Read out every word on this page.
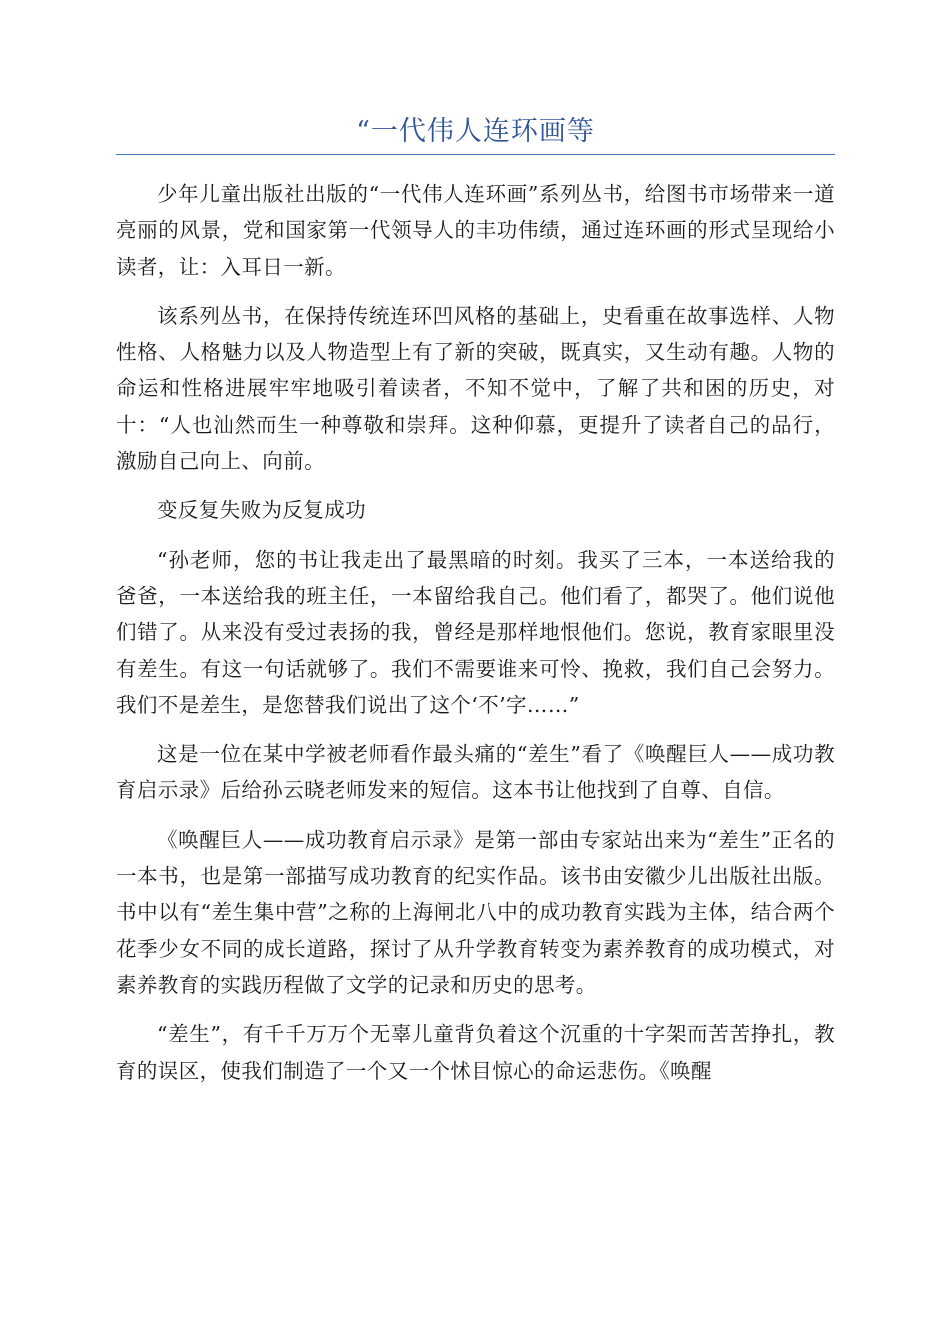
“一代伟人连环画等

少年儿童出版社出版的“一代伟人连环画”系列丛书，给图书市场带来一道亮丽的风景，党和国家第一代领导人的丰功伟绩，通过连环画的形式呈现给小读者，让：入耳日一新。

该系列丛书，在保持传统连环凹风格的基础上，史看重在故事选样、人物性格、人格魅力以及人物造型上有了新的突破，既真实，又生动有趣。人物的命运和性格进展牢牢地吸引着读者，不知不觉中，了解了共和困的历史，对十：“人也汕然而生一种尊敬和崇拜。这种仰慕，更提升了读者自己的品行，激励自己向上、向前。

变反复失败为反复成功

“孙老师，您的书让我走出了最黑暗的时刻。我买了三本，一本送给我的爸爸，一本送给我的班主任，一本留给我自己。他们看了，都哭了。他们说他们错了。从来没有受过表扬的我，曾经是那样地恨他们。您说，教育家眼里没有差生。有这一句话就够了。我们不需要谁来可怜、挽救，我们自己会努力。我们不是差生，是您替我们说出了这个‘不’字……”

这是一位在某中学被老师看作最头痛的“差生”看了《唤醒巨人——成功教育启示录》后给孙云晓老师发来的短信。这本书让他找到了自尊、自信。

《唤醒巨人——成功教育启示录》是第一部由专家站出来为“差生”正名的一本书，也是第一部描写成功教育的纪实作品。该书由安徽少儿出版社出版。书中以有“差生集中营”之称的上海闸北八中的成功教育实践为主体，结合两个花季少女不同的成长道路，探讨了从升学教育转变为素养教育的成功模式，对素养教育的实践历程做了文学的记录和历史的思考。

“差生”，有千千万万个无辜儿童背负着这个沉重的十字架而苦苦挣扎，教育的误区，使我们制造了一个又一个怵目惊心的命运悲伤。《唤醒
